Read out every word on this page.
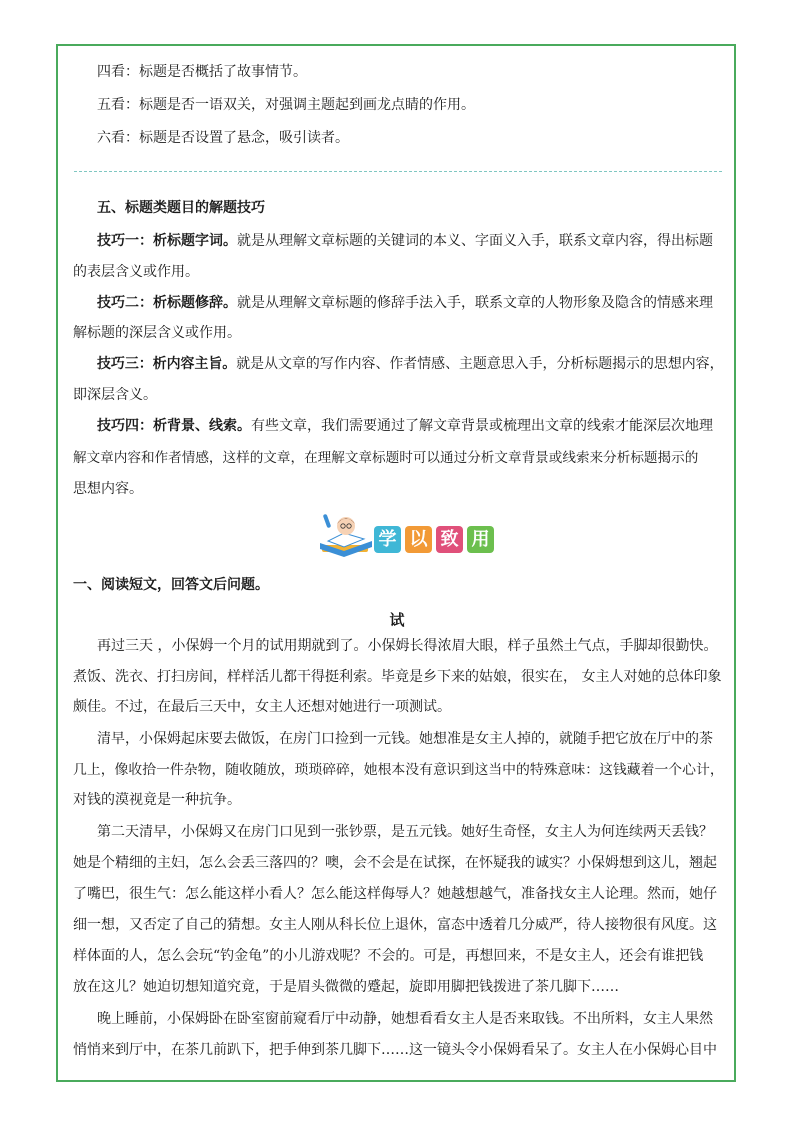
四看：标题是否概括了故事情节。
五看：标题是否一语双关，对强调主题起到画龙点睛的作用。
六看：标题是否设置了悬念，吸引读者。
五、标题类题目的解题技巧
技巧一：析标题字词。就是从理解文章标题的关键词的本义、字面义入手，联系文章内容，得出标题
的表层含义或作用。
技巧二：析标题修辞。就是从理解文章标题的修辞手法入手，联系文章的人物形象及隐含的情感来理
解标题的深层含义或作用。
技巧三：析内容主旨。就是从文章的写作内容、作者情感、主题意思入手，分析标题揭示的思想内容，
即深层含义。
技巧四：析背景、线索。有些文章，我们需要通过了解文章背景或梳理出文章的线索才能深层次地理
解文章内容和作者情感，这样的文章，在理解文章标题时可以通过分析文章背景或线索来分析标题揭示的
思想内容。
学 以 致 用
一、阅读短文，回答文后问题。
试
再过三天 ，小保姆一个月的试用期就到了。小保姆长得浓眉大眼，样子虽然土气点，手脚却很勤快。
煮饭、洗衣、打扫房间，样样活儿都干得挺利索。毕竟是乡下来的姑娘，很实在， 女主人对她的总体印象
颇佳。不过，在最后三天中，女主人还想对她进行一项测试。
清早，小保姆起床要去做饭，在房门口捡到一元钱。她想准是女主人掉的，就随手把它放在厅中的茶
几上，像收拾一件杂物，随收随放，琐琐碎碎，她根本没有意识到这当中的特殊意味：这钱藏着一个心计，
对钱的漠视竟是一种抗争。
第二天清早，小保姆又在房门口见到一张钞票，是五元钱。她好生奇怪，女主人为何连续两天丢钱？
她是个精细的主妇，怎么会丢三落四的？噢，会不会是在试探，在怀疑我的诚实？小保姆想到这儿，翘起
了嘴巴，很生气：怎么能这样小看人？怎么能这样侮辱人？她越想越气，准备找女主人论理。然而，她仔
细一想，又否定了自己的猜想。女主人刚从科长位上退休，富态中透着几分威严，待人接物很有风度。这
样体面的人，怎么会玩“钓金龟”的小儿游戏呢？不会的。可是，再想回来，不是女主人，还会有谁把钱
放在这儿？她迫切想知道究竟，于是眉头微微的蹙起，旋即用脚把钱拨进了茶几脚下……
晚上睡前，小保姆卧在卧室窗前窥看厅中动静，她想看看女主人是否来取钱。不出所料，女主人果然
悄悄来到厅中，在茶几前趴下，把手伸到茶几脚下……这一镜头令小保姆看呆了。女主人在小保姆心目中
